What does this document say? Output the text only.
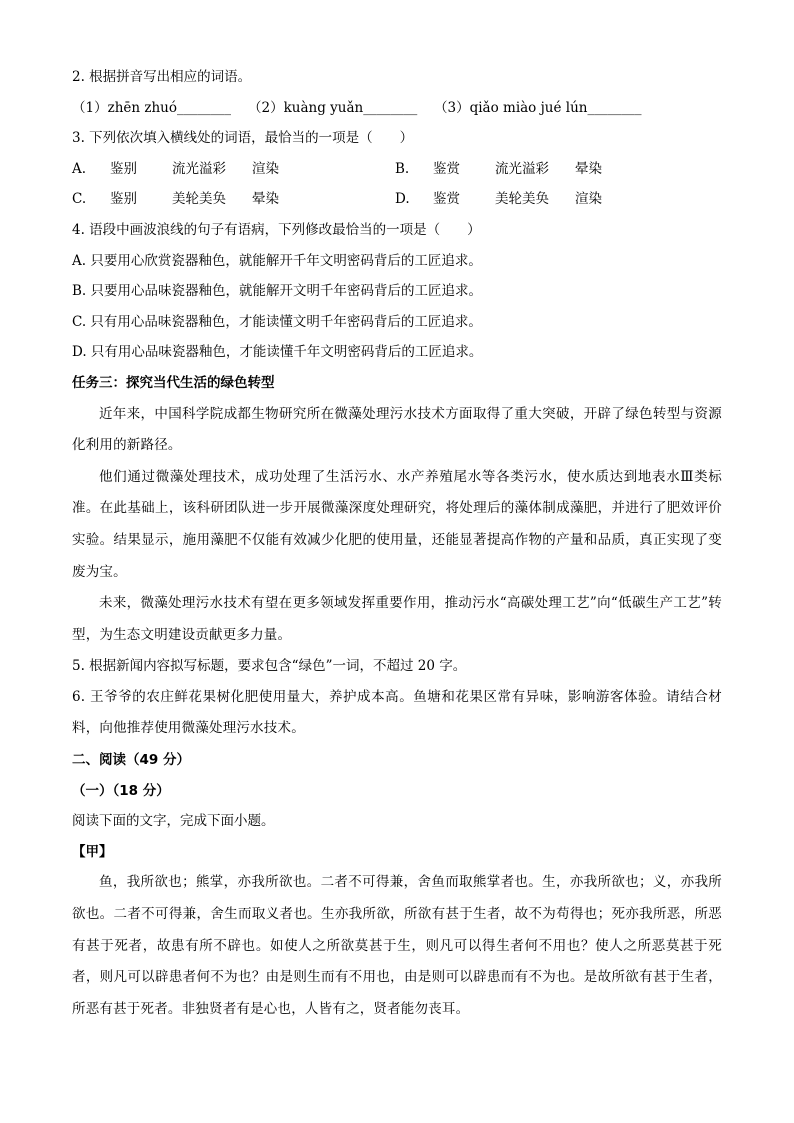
2. 根据拼音写出相应的词语。

（1）zhēn zhuó________	（2）kuàng yuǎn________	（3）qiǎo miào jué lún________

3. 下列依次填入横线处的词语，最恰当的一项是（　　）

A.	鉴别	流光溢彩	渲染	B.	鉴赏	流光溢彩	晕染
C.	鉴别	美轮美奂	晕染	D.	鉴赏	美轮美奂	渲染

4. 语段中画波浪线的句子有语病，下列修改最恰当的一项是（　　）

A. 只要用心欣赏瓷器釉色，就能解开千年文明密码背后的工匠追求。

B. 只要用心品味瓷器釉色，就能解开文明千年密码背后的工匠追求。

C. 只有用心品味瓷器釉色，才能读懂文明千年密码背后的工匠追求。

D. 只有用心品味瓷器釉色，才能读懂千年文明密码背后的工匠追求。

任务三：探究当代生活的绿色转型

近年来，中国科学院成都生物研究所在微藻处理污水技术方面取得了重大突破，开辟了绿色转型与资源化利用的新路径。

他们通过微藻处理技术，成功处理了生活污水、水产养殖尾水等各类污水，使水质达到地表水Ⅲ类标准。在此基础上，该科研团队进一步开展微藻深度处理研究，将处理后的藻体制成藻肥，并进行了肥效评价实验。结果显示，施用藻肥不仅能有效减少化肥的使用量，还能显著提高作物的产量和品质，真正实现了变废为宝。

未来，微藻处理污水技术有望在更多领域发挥重要作用，推动污水“高碳处理工艺”向“低碳生产工艺”转型，为生态文明建设贡献更多力量。

5. 根据新闻内容拟写标题，要求包含“绿色”一词，不超过 20 字。

6. 王爷爷的农庄鲜花果树化肥使用量大，养护成本高。鱼塘和花果区常有异味，影响游客体验。请结合材料，向他推荐使用微藻处理污水技术。

二、阅读（49 分）

（一）（18 分）

阅读下面的文字，完成下面小题。

【甲】

鱼，我所欲也；熊掌，亦我所欲也。二者不可得兼，舍鱼而取熊掌者也。生，亦我所欲也；义，亦我所欲也。二者不可得兼，舍生而取义者也。生亦我所欲，所欲有甚于生者，故不为苟得也；死亦我所恶，所恶有甚于死者，故患有所不辟也。如使人之所欲莫甚于生，则凡可以得生者何不用也？使人之所恶莫甚于死者，则凡可以辟患者何不为也？由是则生而有不用也，由是则可以辟患而有不为也。是故所欲有甚于生者，所恶有甚于死者。非独贤者有是心也，人皆有之，贤者能勿丧耳。
